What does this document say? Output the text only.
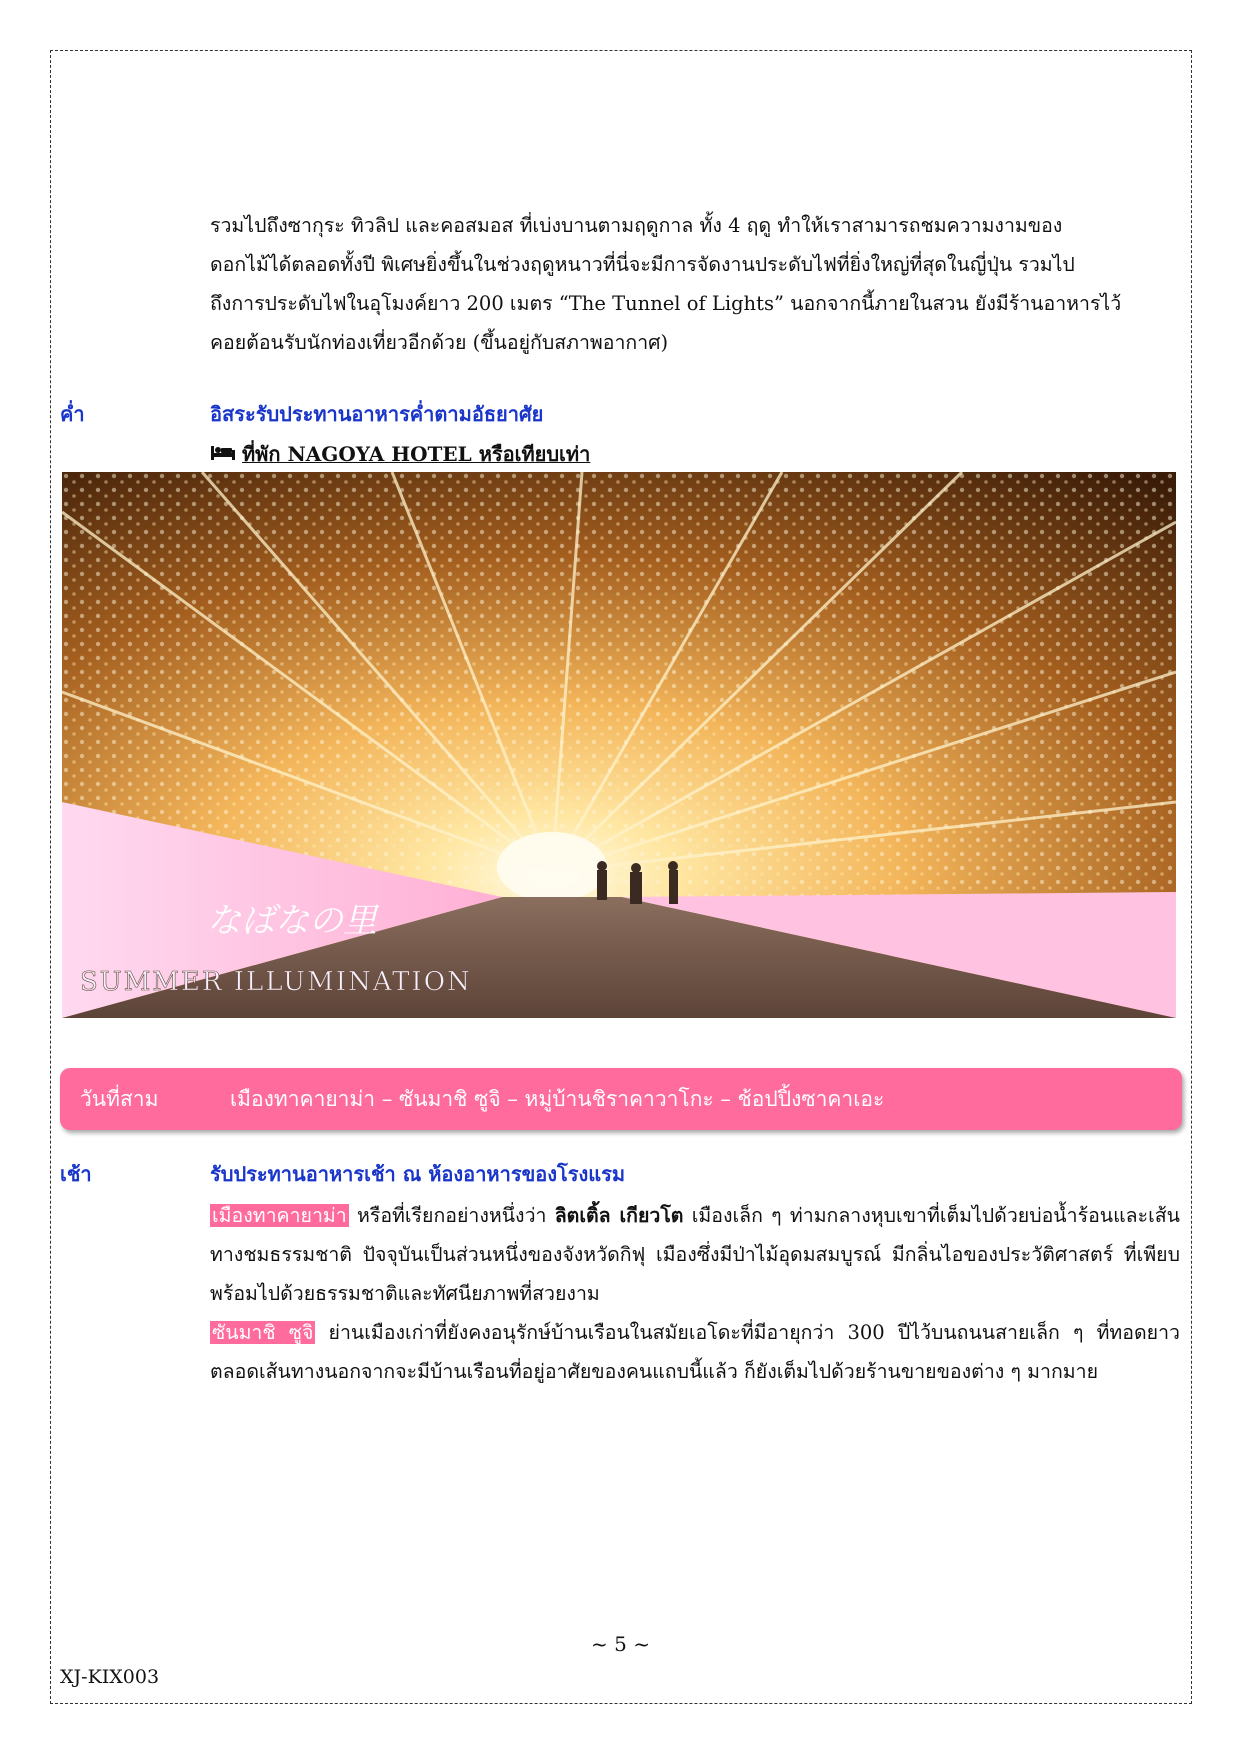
รวมไปถึงซากุระ ทิวลิป และคอสมอส ที่เบ่งบานตามฤดูกาล ทั้ง 4 ฤดู ทำให้เราสามารถชมความงามของ

ดอกไม้ได้ตลอดทั้งปี พิเศษยิ่งขึ้นในช่วงฤดูหนาวที่นี่จะมีการจัดงานประดับไฟที่ยิ่งใหญ่ที่สุดในญี่ปุ่น รวมไป

ถึงการประดับไฟในอุโมงค์ยาว 200 เมตร “The Tunnel of Lights” นอกจากนี้ภายในสวน ยังมีร้านอาหารไว้

คอยต้อนรับนักท่องเที่ยวอีกด้วย (ขึ้นอยู่กับสภาพอากาศ)

ค่ำ	อิสระรับประทานอาหารค่ำตามอัธยาศัย
ที่พัก NAGOYA HOTEL หรือเทียบเท่า
なばなの里
SUMMER ILLUMINATION
วันที่สาม	เมืองทาคายาม่า – ซันมาชิ ซูจิ – หมู่บ้านชิราคาวาโกะ – ช้อปปิ้งซาคาเอะ
เช้า	รับประทานอาหารเช้า ณ ห้องอาหารของโรงแรม

เมืองทาคายาม่า หรือที่เรียกอย่างหนึ่งว่า ลิตเติ้ล เกียวโต เมืองเล็ก ๆ ท่ามกลางหุบเขาที่เต็มไปด้วยบ่อน้ำร้อนและเส้นทางชมธรรมชาติ ปัจจุบันเป็นส่วนหนึ่งของจังหวัดกิฟุ เมืองซึ่งมีป่าไม้อุดมสมบูรณ์ มีกลิ่นไอของประวัติศาสตร์ ที่เพียบพร้อมไปด้วยธรรมชาติและทัศนียภาพที่สวยงาม

ซันมาชิ ซูจิ ย่านเมืองเก่าที่ยังคงอนุรักษ์บ้านเรือนในสมัยเอโดะที่มีอายุกว่า 300 ปีไว้บนถนนสายเล็ก ๆ ที่ทอดยาว ตลอดเส้นทางนอกจากจะมีบ้านเรือนที่อยู่อาศัยของคนแถบนี้แล้ว ก็ยังเต็มไปด้วยร้านขายของต่าง ๆ มากมาย

~ 5 ~
XJ-KIX003
